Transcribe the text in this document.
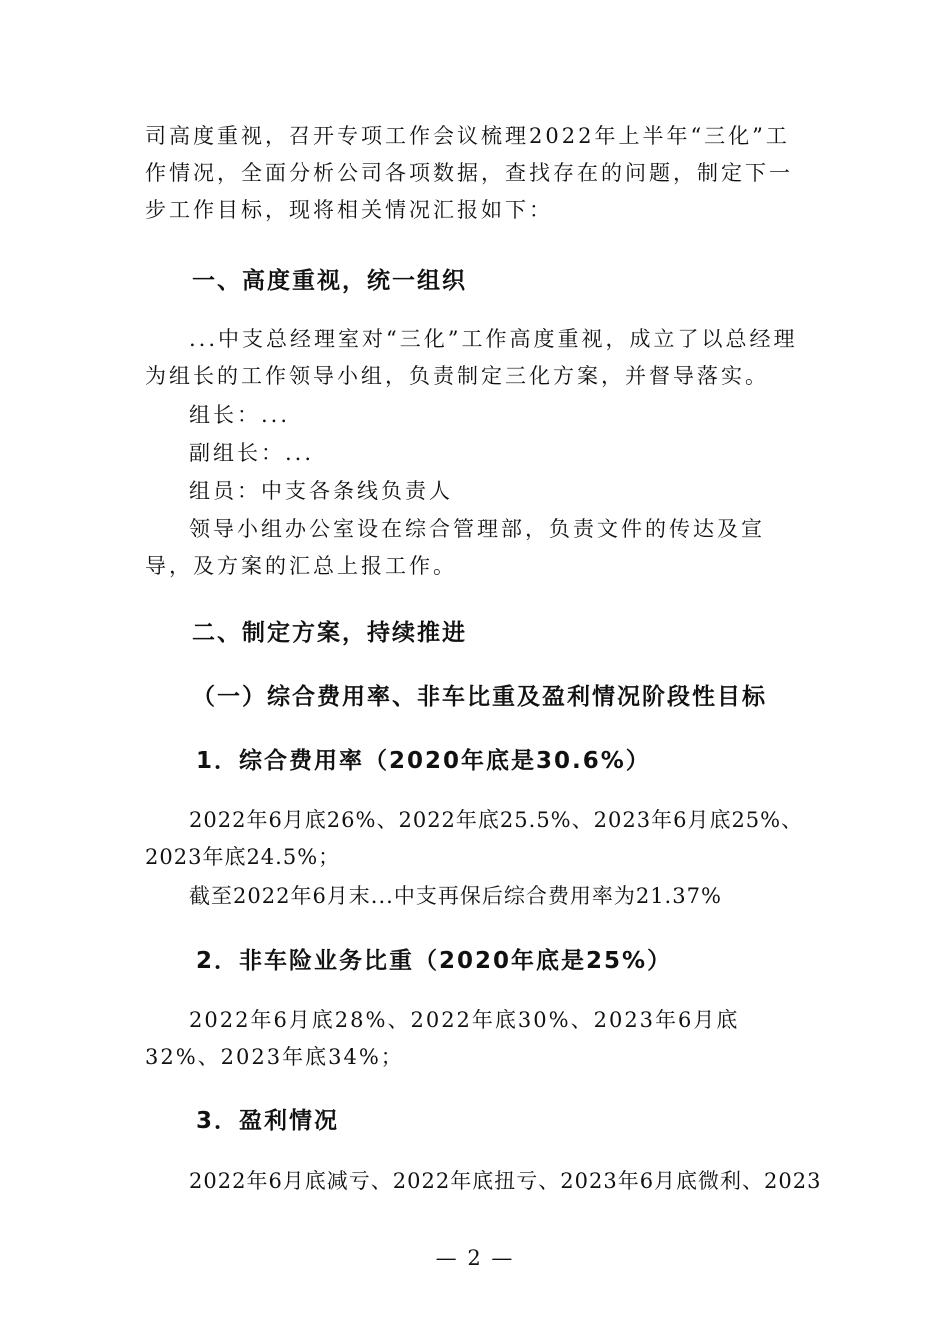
司高度重视，召开专项工作会议梳理2022年上半年“三化”工作情况，全面分析公司各项数据，查找存在的问题，制定下一步工作目标，现将相关情况汇报如下：

一、高度重视，统一组织

...中支总经理室对“三化”工作高度重视，成立了以总经理为组长的工作领导小组，负责制定三化方案，并督导落实。

组长：...

副组长：...

组员：中支各条线负责人

领导小组办公室设在综合管理部，负责文件的传达及宣导，及方案的汇总上报工作。

二、制定方案，持续推进
（一）综合费用率、非车比重及盈利情况阶段性目标
1．综合费用率（2020年底是30.6%）

2022年6月底26%、2022年底25.5%、2023年6月底25%、2023年底24.5%；

截至2022年6月末...中支再保后综合费用率为21.37%

2．非车险业务比重（2020年底是25%）

2022年6月底28%、2022年底30%、2023年6月底32%、2023年底34%；

3．盈利情况

2022年6月底减亏、2022年底扭亏、2023年6月底微利、2023

— 2 —
